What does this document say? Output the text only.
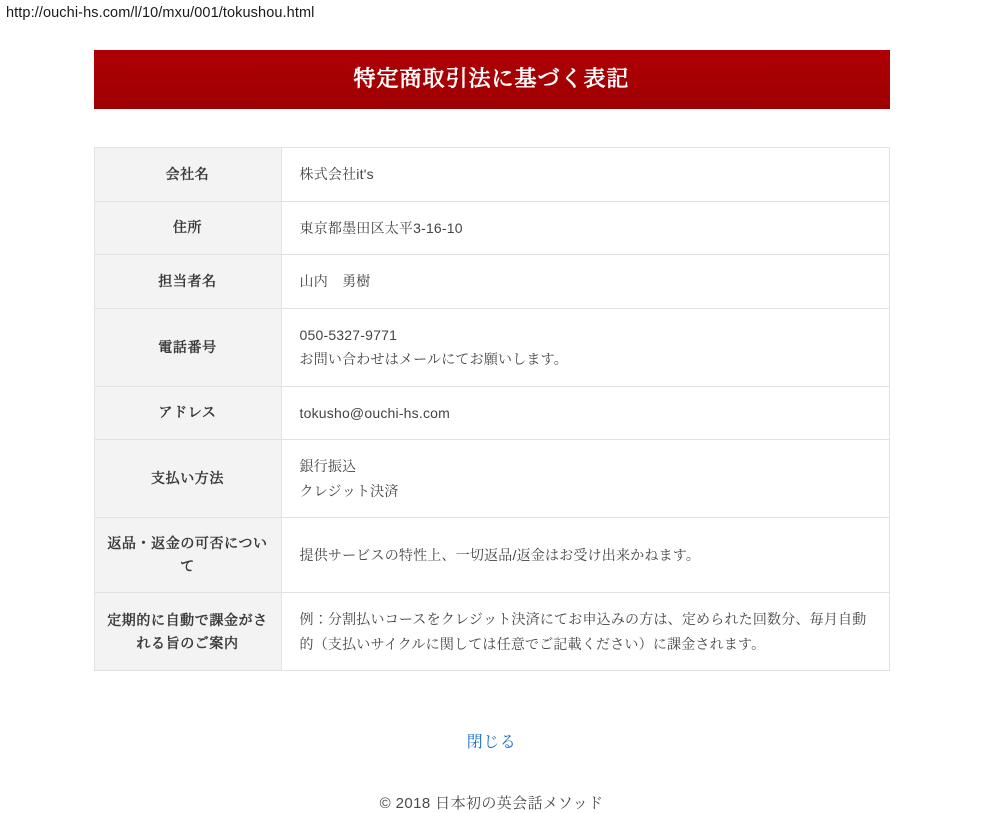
http://ouchi-hs.com/l/10/mxu/001/tokushou.html
特定商取引法に基づく表記
会社名	株式会社it's

住所	東京都墨田区太平3-16-10

担当者名	山内　勇樹

電話番号	050-5327-9771
お問い合わせはメールにてお願いします。

アドレス	tokusho@ouchi-hs.com

支払い方法	銀行振込
クレジット決済

返品・返金の可否について	提供サービスの特性上、一切返品/返金はお受け出来かねます。

定期的に自動で課金がされる旨のご案内	例：分割払いコースをクレジット決済にてお申込みの方は、定められた回数分、毎月自動的（支払いサイクルに関しては任意でご記載ください）に課金されます。
閉じる
© 2018 日本初の英会話メソッド
